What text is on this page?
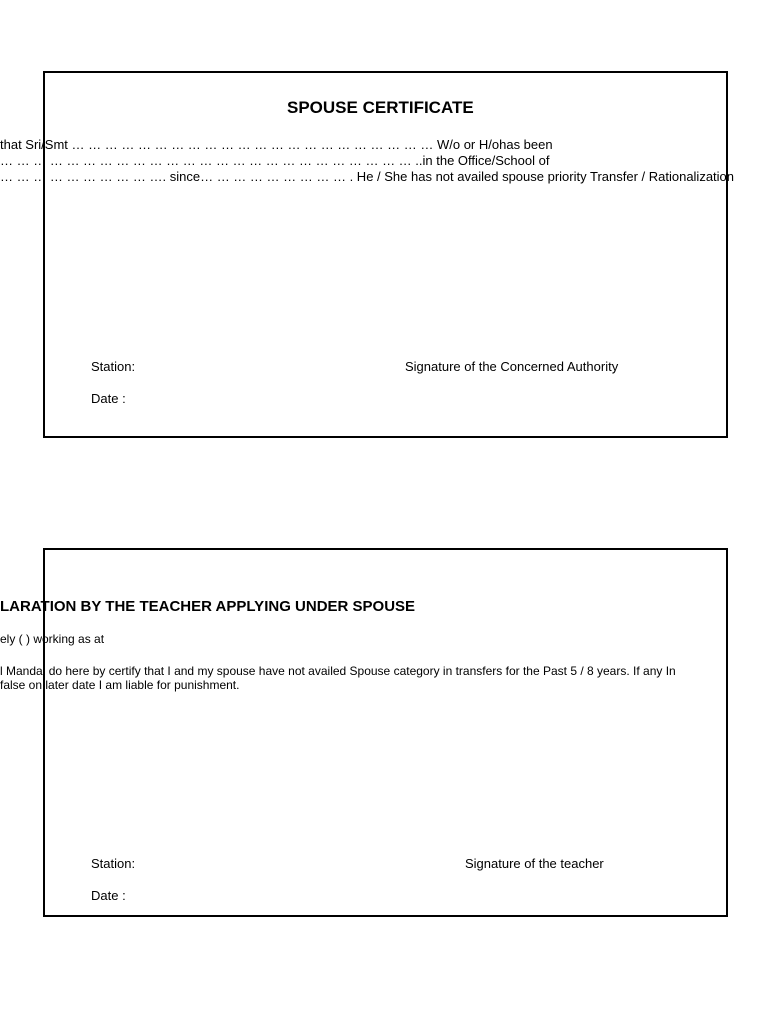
SPOUSE CERTIFICATE
that Sri/Smt … … … … … … … … … … … … … … … … … … … … … … W/o or H/ohas been
… … … … … … … … … … … … … … … … … … … … … … … … … ..in the Office/School of
… … … … … … … … … …. since… … … … … … … … … . He / She has not availed spouse priority Transfer / Rationalization
Station:	Signature of the Concerned Authority
Date :
LARATION BY THE TEACHER APPLYING UNDER SPOUSE
ely ( ) working as at
l Mandal do here by certify that I and my spouse have not availed Spouse category in transfers for the Past 5 / 8 years. If any In
false on later date I am liable for punishment.
Station:	Signature of the teacher
Date :
